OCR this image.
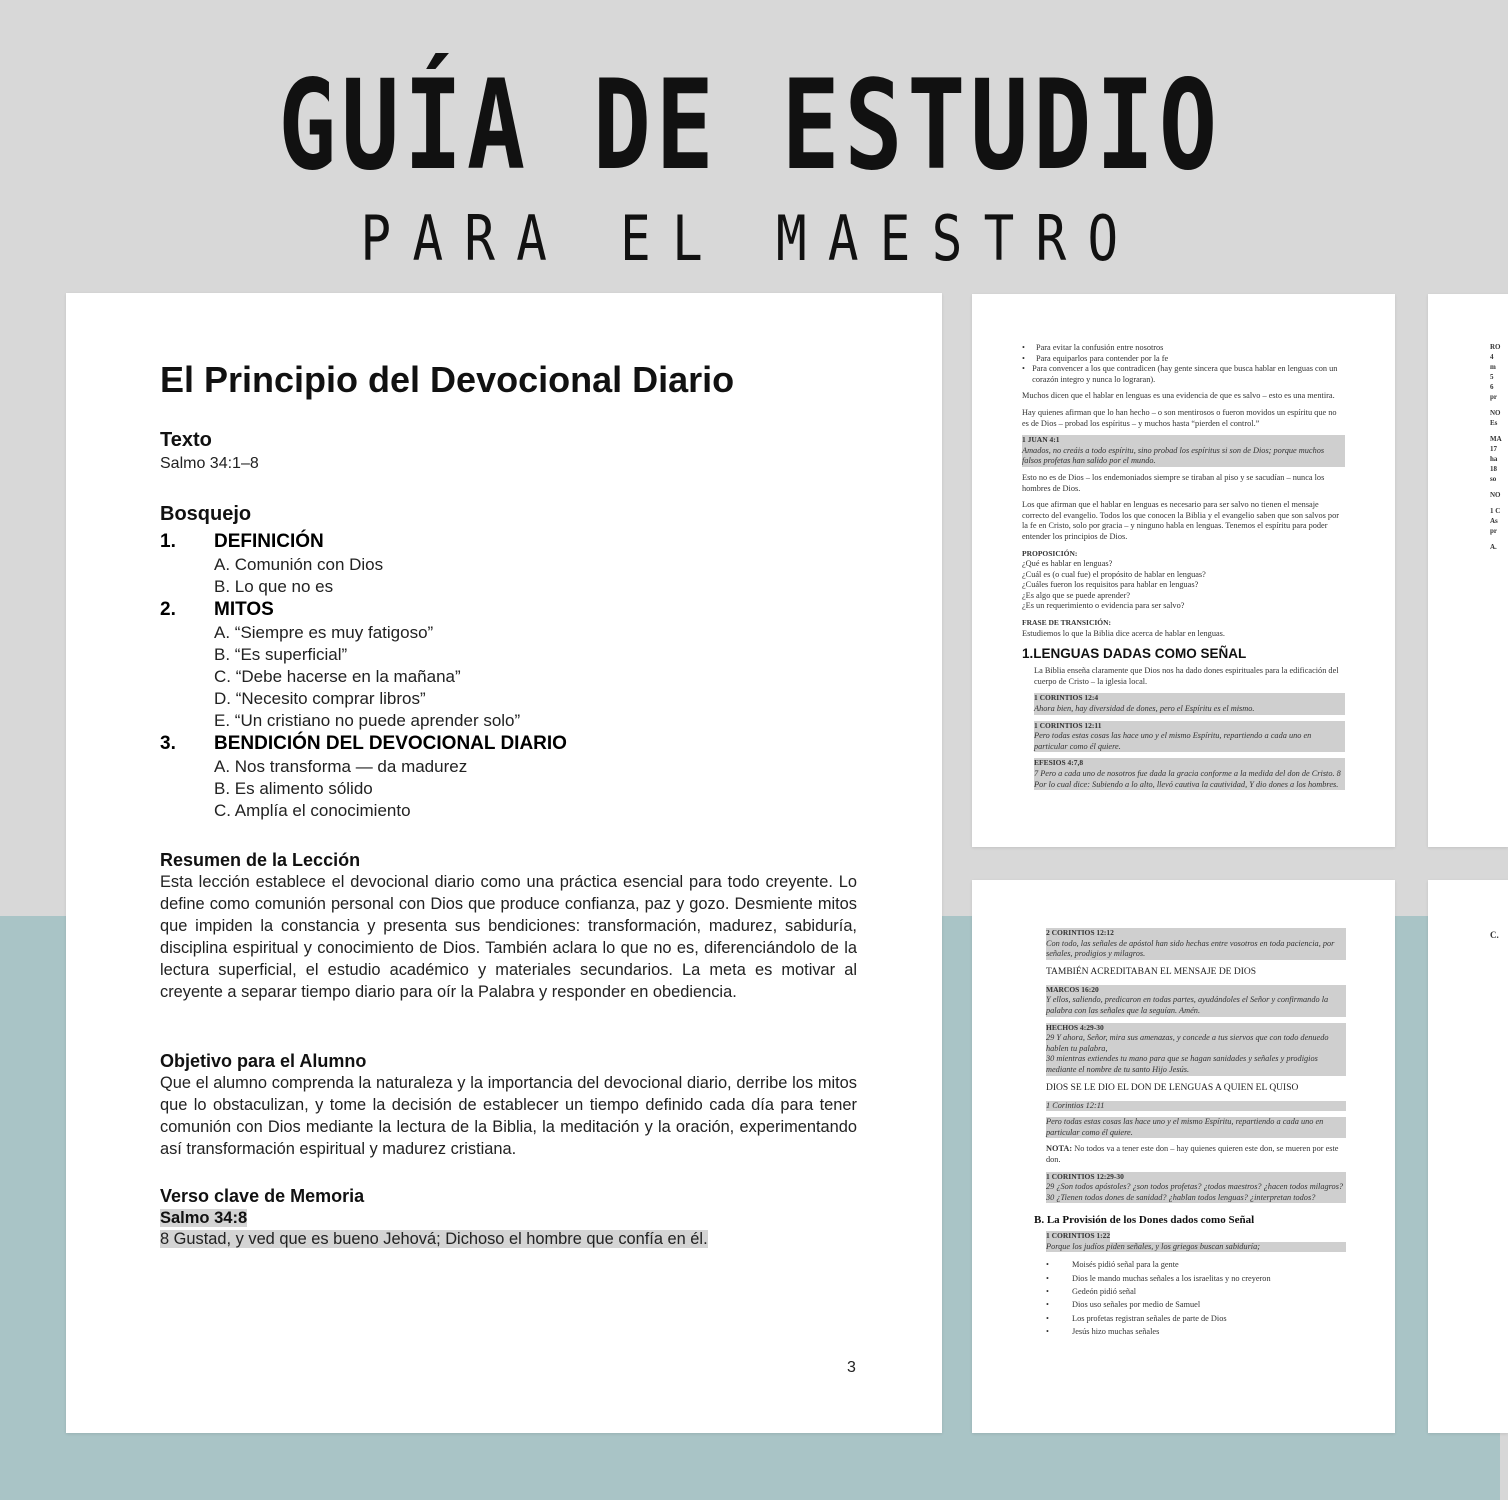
GUÍA DE ESTUDIO
PARA EL MAESTRO
El Principio del Devocional Diario
Texto
Salmo 34:1–8
Bosquejo
1.	DEFINICIÓN
A. Comunión con Dios
B. Lo que no es
2.	MITOS
A. “Siempre es muy fatigoso”
B. “Es superficial”
C. “Debe hacerse en la mañana”
D. “Necesito comprar libros”
E. “Un cristiano no puede aprender solo”
3.	BENDICIÓN DEL DEVOCIONAL DIARIO
A. Nos transforma — da madurez
B. Es alimento sólido
C. Amplía el conocimiento
Resumen de la Lección
Esta lección establece el devocional diario como una práctica esencial para todo creyente. Lo define como comunión personal con Dios que produce confianza, paz y gozo. Desmiente mitos que impiden la constancia y presenta sus bendiciones: transformación, madurez, sabiduría, disciplina espiritual y conocimiento de Dios. También aclara lo que no es, diferenciándolo de la lectura superficial, el estudio académico y materiales secundarios. La meta es motivar al creyente a separar tiempo diario para oír la Palabra y responder en obediencia.
Objetivo para el Alumno
Que el alumno comprenda la naturaleza y la importancia del devocional diario, derribe los mitos que lo obstaculizan, y tome la decisión de establecer un tiempo definido cada día para tener comunión con Dios mediante la lectura de la Biblia, la meditación y la oración, experimentando así transformación espiritual y madurez cristiana.
Verso clave de Memoria
Salmo 34:8
8 Gustad, y ved que es bueno Jehová; Dichoso el hombre que confía en él.
3
•	Para evitar la confusión entre nosotros
•	Para equiparlos para contender por la fe
• Para convencer a los que contradicen (hay gente sincera que busca hablar en lenguas con un corazón integro y nunca lo lograran).
Muchos dicen que el hablar en lenguas es una evidencia de que es salvo – esto es una mentira.
Hay quienes afirman que lo han hecho – o son mentirosos o fueron movidos un espíritu que no es de Dios – probad los espíritus – y muchos hasta “pierden el control.”
1 JUAN 4:1
Amados, no creáis a todo espíritu, sino probad los espíritus si son de Dios; porque muchos falsos profetas han salido por el mundo.
Esto no es de Dios – los endemoniados siempre se tiraban al piso y se sacudían – nunca los hombres de Dios.
Los que afirman que el hablar en lenguas es necesario para ser salvo no tienen el mensaje correcto del evangelio. Todos los que conocen la Biblia y el evangelio saben que son salvos por la fe en Cristo, solo por gracia – y ninguno habla en lenguas. Tenemos el espíritu para poder entender los principios de Dios.
PROPOSICIÓN:
¿Qué es hablar en lenguas?
¿Cuál es (o cual fue) el propósito de hablar en lenguas?
¿Cuáles fueron los requisitos para hablar en lenguas?
¿Es algo que se puede aprender?
¿Es un requerimiento o evidencia para ser salvo?
FRASE DE TRANSICIÓN:
Estudiemos lo que la Biblia dice acerca de hablar en lenguas.
1.LENGUAS DADAS COMO SEÑAL
La Biblia enseña claramente que Dios nos ha dado dones espirituales para la edificación del cuerpo de Cristo – la iglesia local.
1 CORINTIOS 12:4
Ahora bien, hay diversidad de dones, pero el Espíritu es el mismo.
1 CORINTIOS 12:11
Pero todas estas cosas las hace uno y el mismo Espíritu, repartiendo a cada uno en particular como él quiere.
EFESIOS 4:7,8
7 Pero a cada uno de nosotros fue dada la gracia conforme a la medida del don de Cristo. 8 Por lo cual dice: Subiendo a lo alto, llevó cautiva la cautividad, Y dio dones a los hombres.
2 CORINTIOS 12:12
Con todo, las señales de apóstol han sido hechas entre vosotros en toda paciencia, por señales, prodigios y milagros.
TAMBIÉN ACREDITABAN EL MENSAJE DE DIOS
MARCOS 16:20
Y ellos, saliendo, predicaron en todas partes, ayudándoles el Señor y confirmando la palabra con las señales que la seguían. Amén.
HECHOS 4:29-30
29 Y ahora, Señor, mira sus amenazas, y concede a tus siervos que con todo denuedo hablen tu palabra,
30 mientras extiendes tu mano para que se hagan sanidades y señales y prodigios mediante el nombre de tu santo Hijo Jesús.
DIOS SE LE DIO EL DON DE LENGUAS A QUIEN EL QUISO
1 Corintios 12:11
Pero todas estas cosas las hace uno y el mismo Espíritu, repartiendo a cada uno en particular como él quiere.
NOTA: No todos va a tener este don – hay quienes quieren este don, se mueren por este don.
1 CORINTIOS 12:29-30
29 ¿Son todos apóstoles? ¿son todos profetas? ¿todos maestros? ¿hacen todos milagros?
30 ¿Tienen todos dones de sanidad? ¿hablan todos lenguas? ¿interpretan todos?
B. La Provisión de los Dones dados como Señal
1 CORINTIOS 1:22
Porque los judíos piden señales, y los griegos buscan sabiduría;
•	Moisés pidió señal para la gente
•	Dios le mando muchas señales a los israelitas y no creyeron
•	Gedeón pidió señal
•	Dios uso señales por medio de Samuel
•	Los profetas registran señales de parte de Dios
•	Jesús hizo muchas señales
RO
4
m
5
6
pr
NO
Es
MA
17
ha
18
so
NO
1 C
As
pr
A.
C.
